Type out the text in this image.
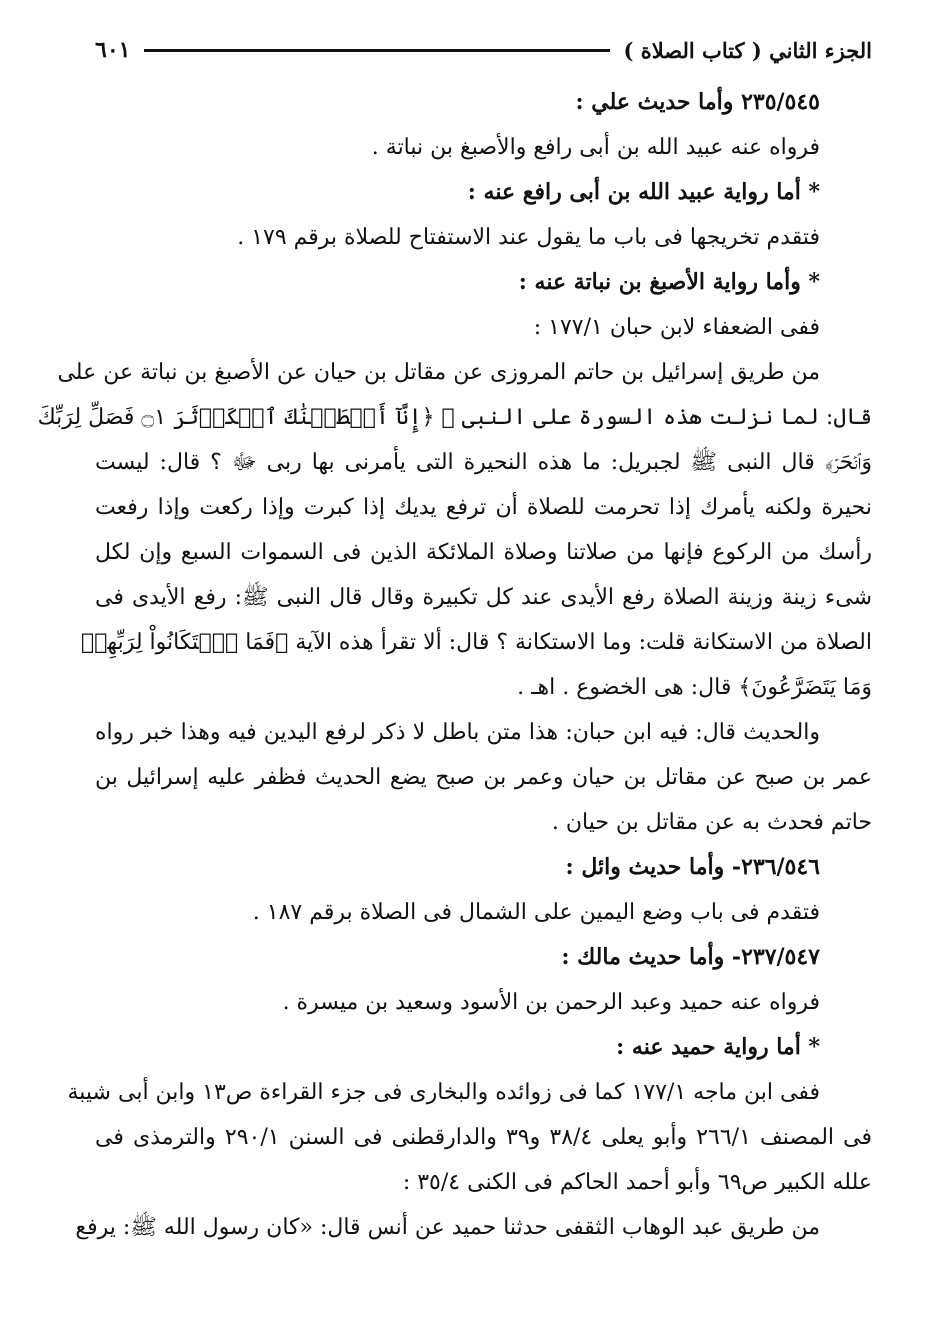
الجزء الثاني ( كتاب الصلاة )
٦٠١
٢٣٥/٥٤٥ وأما حديث علي :
فرواه عنه عبيد الله بن أبى رافع والأصبغ بن نباتة .
* أما رواية عبيد الله بن أبى رافع عنه :
فتقدم تخريجها فى باب ما يقول عند الاستفتاح للصلاة برقم ١٧٩ .
* وأما رواية الأصبغ بن نباتة عنه :
ففى الضعفاء لابن حبان ١٧٧/١ :
من طريق إسرائيل بن حاتم المروزى عن مقاتل بن حيان عن الأصبغ بن نباتة عن على
قال: لما نزلت هذه السورة على النبى ﷺ ﴿إِنَّآ أَعۡطَيۡنَٰكَ ٱلۡكَوۡثَرَ ۝١ فَصَلِّ لِرَبِّكَ
وَٱنۡحَرۡ﴾ قال النبى ﷺ لجبريل: ما هذه النحيرة التى يأمرنى بها ربى ﷻ ؟ قال: ليست
نحيرة ولكنه يأمرك إذا تحرمت للصلاة أن ترفع يديك إذا كبرت وإذا ركعت وإذا رفعت
رأسك من الركوع فإنها من صلاتنا وصلاة الملائكة الذين فى السموات السبع وإن لكل
شىء زينة وزينة الصلاة رفع الأيدى عند كل تكبيرة وقال قال النبى ﷺ: رفع الأيدى فى
الصلاة من الاستكانة قلت: وما الاستكانة ؟ قال: ألا تقرأ هذه الآية ﴿فَمَا ٱسۡتَكَانُواْ لِرَبِّهِمۡ
وَمَا يَتَضَرَّعُونَ﴾ قال: هى الخضوع . اهـ .
والحديث قال: فيه ابن حبان: هذا متن باطل لا ذكر لرفع اليدين فيه وهذا خبر رواه
عمر بن صبح عن مقاتل بن حيان وعمر بن صبح يضع الحديث فظفر عليه إسرائيل بن
حاتم فحدث به عن مقاتل بن حيان .
٢٣٦/٥٤٦- وأما حديث وائل :
فتقدم فى باب وضع اليمين على الشمال فى الصلاة برقم ١٨٧ .
٢٣٧/٥٤٧- وأما حديث مالك :
فرواه عنه حميد وعبد الرحمن بن الأسود وسعيد بن ميسرة .
* أما رواية حميد عنه :
ففى ابن ماجه ١٧٧/١ كما فى زوائده والبخارى فى جزء القراءة ص١٣ وابن أبى شيبة
فى المصنف ٢٦٦/١ وأبو يعلى ٣٨/٤ و٣٩ والدارقطنى فى السنن ٢٩٠/١ والترمذى فى
علله الكبير ص٦٩ وأبو أحمد الحاكم فى الكنى ٣٥/٤ :
من طريق عبد الوهاب الثقفى حدثنا حميد عن أنس قال: «كان رسول الله ﷺ: يرفع
